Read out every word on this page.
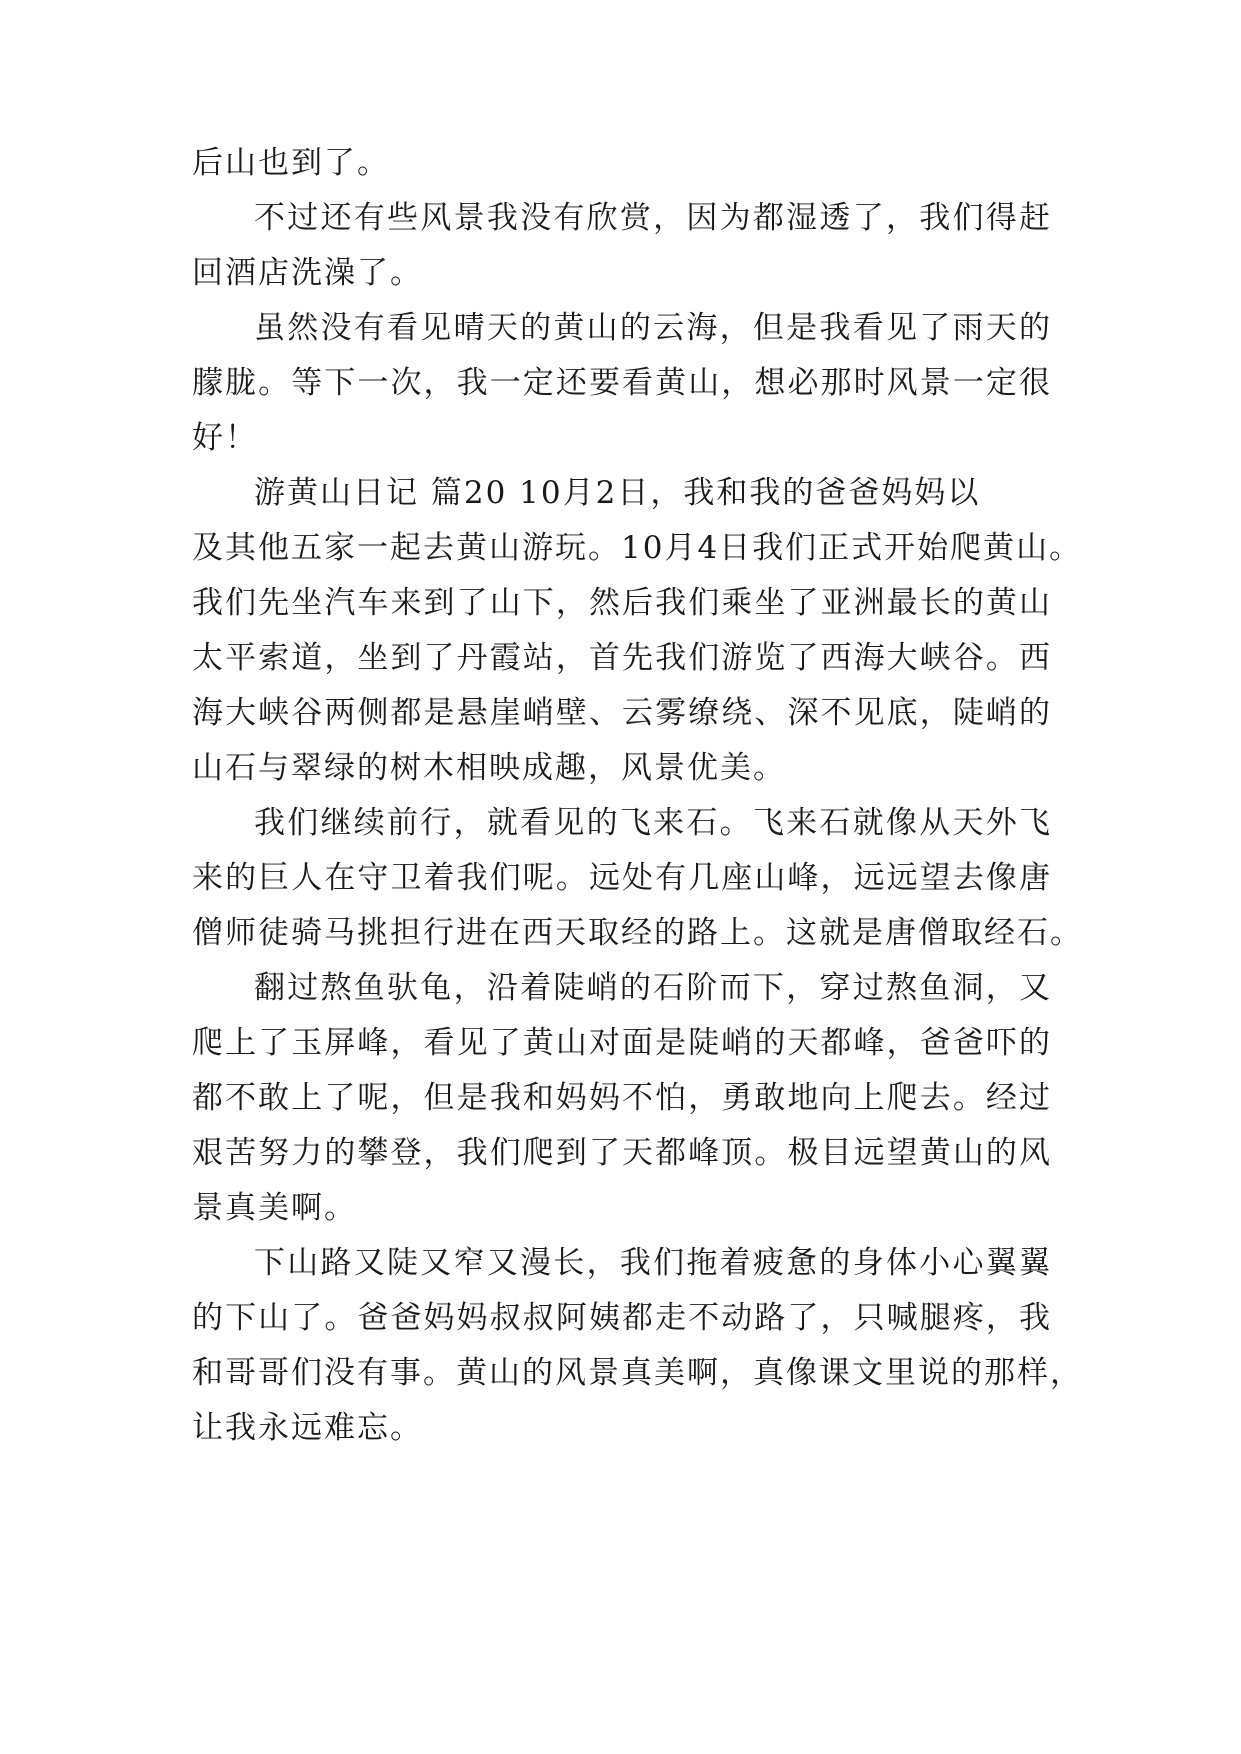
后山也到了。

不过还有些风景我没有欣赏，因为都湿透了，我们得赶

回酒店洗澡了。

虽然没有看见晴天的黄山的云海，但是我看见了雨天的

朦胧。等下一次，我一定还要看黄山，想必那时风景一定很

好！

游黄山日记 篇20 10月2日，我和我的爸爸妈妈以

及其他五家一起去黄山游玩。10月4日我们正式开始爬黄山。

我们先坐汽车来到了山下，然后我们乘坐了亚洲最长的黄山

太平索道，坐到了丹霞站，首先我们游览了西海大峡谷。西

海大峡谷两侧都是悬崖峭壁、云雾缭绕、深不见底，陡峭的

山石与翠绿的树木相映成趣，风景优美。

我们继续前行，就看见的飞来石。飞来石就像从天外飞

来的巨人在守卫着我们呢。远处有几座山峰，远远望去像唐

僧师徒骑马挑担行进在西天取经的路上。这就是唐僧取经石。

翻过熬鱼驮龟，沿着陡峭的石阶而下，穿过熬鱼洞，又

爬上了玉屏峰，看见了黄山对面是陡峭的天都峰，爸爸吓的

都不敢上了呢，但是我和妈妈不怕，勇敢地向上爬去。经过

艰苦努力的攀登，我们爬到了天都峰顶。极目远望黄山的风

景真美啊。

下山路又陡又窄又漫长，我们拖着疲惫的身体小心翼翼

的下山了。爸爸妈妈叔叔阿姨都走不动路了，只喊腿疼，我

和哥哥们没有事。黄山的风景真美啊，真像课文里说的那样，

让我永远难忘。
